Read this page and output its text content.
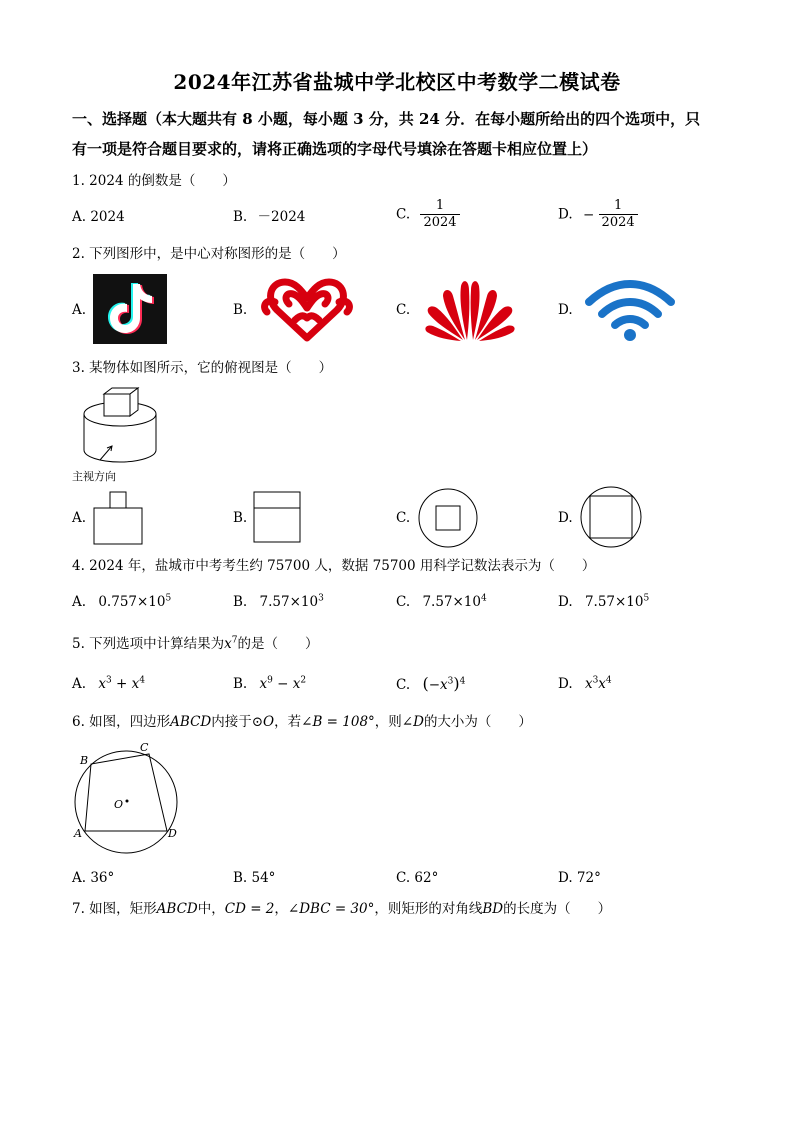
2024年江苏省盐城中学北校区中考数学二模试卷
一、选择题（本大题共有 8 小题，每小题 3 分，共 24 分．在每小题所给出的四个选项中，只
有一项是符合题目要求的，请将正确选项的字母代号填涂在答题卡相应位置上）
1. 2024 的倒数是（　　）
A. 2024	B. －2024	C. $\frac{1}{2024}$	D. − $\frac{1}{2024}$
2. 下列图形中，是中心对称图形的是（　　）
A.	B.	C.	D.
3. 某物体如图所示，它的俯视图是（　　）
主视方向
A.	B.	C.	D.
4. 2024 年，盐城市中考考生约 75700 人，数据 75700 用科学记数法表示为（　　）
A. $0.757\times 10^5$	B. $7.57\times 10^3$	C. $7.57\times 10^4$	D. $7.57\times 10^5$
5. 下列选项中计算结果为$x^7$的是（　　）
A. $x^3 + x^4$	B. $x^9 - x^2$	C. $(-x^3)^4$	D. $x^3x^4$
6. 如图，四边形ABCD内接于⊙O，若∠B = 108°，则∠D的大小为（　　）
A
B
C
D
O
A. 36°	B. 54°	C. 62°	D. 72°
7. 如图，矩形ABCD中，CD = 2，∠DBC = 30°，则矩形的对角线BD的长度为（　　）
